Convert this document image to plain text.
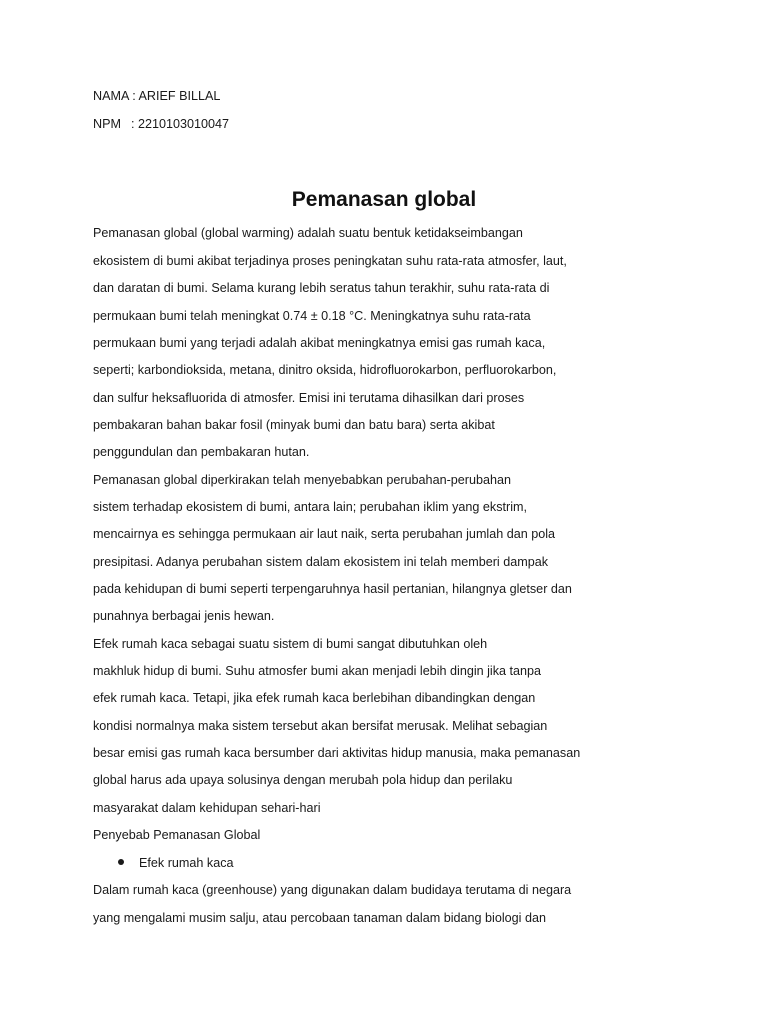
NAMA : ARIEF BILLAL
NPM : 2210103010047
Pemanasan global
Pemanasan global (global warming) adalah suatu bentuk ketidakseimbangan
ekosistem di bumi akibat terjadinya proses peningkatan suhu rata-rata atmosfer, laut,
dan daratan di bumi. Selama kurang lebih seratus tahun terakhir, suhu rata-rata di
permukaan bumi telah meningkat 0.74 ± 0.18 °C. Meningkatnya suhu rata-rata
permukaan bumi yang terjadi adalah akibat meningkatnya emisi gas rumah kaca,
seperti; karbondioksida, metana, dinitro oksida, hidrofluorokarbon, perfluorokarbon,
dan sulfur heksafluorida di atmosfer. Emisi ini terutama dihasilkan dari proses
pembakaran bahan bakar fosil (minyak bumi dan batu bara) serta akibat
penggundulan dan pembakaran hutan.
Pemanasan global diperkirakan telah menyebabkan perubahan-perubahan
sistem terhadap ekosistem di bumi, antara lain; perubahan iklim yang ekstrim,
mencairnya es sehingga permukaan air laut naik, serta perubahan jumlah dan pola
presipitasi. Adanya perubahan sistem dalam ekosistem ini telah memberi dampak
pada kehidupan di bumi seperti terpengaruhnya hasil pertanian, hilangnya gletser dan
punahnya berbagai jenis hewan.
Efek rumah kaca sebagai suatu sistem di bumi sangat dibutuhkan oleh
makhluk hidup di bumi. Suhu atmosfer bumi akan menjadi lebih dingin jika tanpa
efek rumah kaca. Tetapi, jika efek rumah kaca berlebihan dibandingkan dengan
kondisi normalnya maka sistem tersebut akan bersifat merusak. Melihat sebagian
besar emisi gas rumah kaca bersumber dari aktivitas hidup manusia, maka pemanasan
global harus ada upaya solusinya dengan merubah pola hidup dan perilaku
masyarakat dalam kehidupan sehari-hari
Penyebab Pemanasan Global
Efek rumah kaca
Dalam rumah kaca (greenhouse) yang digunakan dalam budidaya terutama di negara
yang mengalami musim salju, atau percobaan tanaman dalam bidang biologi dan
